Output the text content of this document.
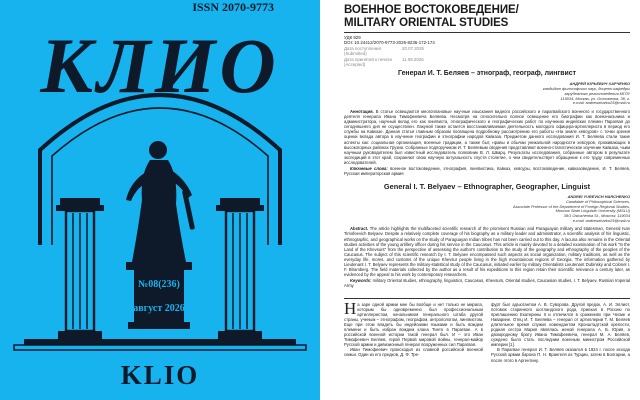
КЛИО
№08(236)
август 2026
KLIO
ISSN 2070-9773	ВОЕННОЕ ВОСТОКОВЕДЕНИЕ/
MILITARY ORIENTAL STUDIES
УДК 929
DOI: 10.24412/2070-9773-2026-8236-172-174
Дата поступления (Submitted)
20.07.2026
Дата принятия к печати (Accepted)
11.08.2026
Генерал И. Т. Беляев – этнограф, географ, лингвист
АНДРЕЙ ЮРЬЕВИЧ ХАРЧЕНКО
кандидат философских наук, доцент кафедры
зарубежного регионоведения МГЛУ
119034, Москва, ул. Остоженка, 38, г.
e-mail: andrewzharko25@mail.ru

Аннотация. В статье освещаются многоплановые научные изыскания видного российского и парагвайского военного и государственного деятеля генерала Ивана Тимофеевича Беляева. Несмотря на относительно полное освещение его биографии как военачальника и администратора, научный вклад его как лингвиста, этнографического и географических работ по изучению индейских племен Парагвая до сегодняшнего дня не осуществлен. Лакуной также остается восстанавливаемая деятельность молодого офицера-артиллериста в период его службы на Кавказе. Данная статья главным образом посвящена подробному рассмотрению его работы «На земле хевсуров» с точки зрения оценки вклада автора в изучение географии и этнографии народов Кавказа. Предметом данного исследования И. Т. Беляева стали такие аспекты как: социальная организация, военные традиции, а также быт, нравы и обычаи уникальной народности хевсуров, проживающих в высокогорных районах Грузии. Собранные подпоручиком И. Т. Беляевым сведения представляют военно-статистическое изучение Кавказа, чьим научным руководителем был известный исследователь полковник В. Л. Шварц. Результаты исследования, собранные автором в результате экспедиций в этот край, сохраняют свою научную актуальность спустя столетие, о чем свидетельствует обращение к его труду современных исследователей.

Ключевые слова: военное востоковедение, этнография, лингвистика, Кавказ, хевсуры, востоковедение, кавказоведение, И. Т. Беляев, Русская императорская армия

General I. T. Belyaev – Ethnographer, Geographer, Linguist
ANDREI YUREVICH HARCHENKO
Candidate of Philosophical Sciences,
Associate Professor of the Department of Foreign Regional Studies,
Moscow State Linguistic University (MSLU)
38/1 Ostozhenka St., Moscow, 119034
e-mail: andrewzharko25@mail.ru

Abstract. The article highlights the multifaceted scientific research of the prominent Russian and Paraguayan military and statesman, General Ivan Timofeevich Belyaev. Despite a relatively complete coverage of his biography as a military leader and administrator, a scientific analysis of his linguistic, ethnographic, and geographical works on the study of Paraguayan Indian tribes has not been carried out to this day. A lacuna also remains in the Oriental studies activities of the young artillery officer during his service in the Caucasus. This article is mainly devoted to a detailed examination of his work "In the Land of the Khevsurs" from the perspective of assessing the author's contribution to the study of the geography and ethnography of the peoples of the Caucasus. The subject of this scientific research by I. T. Belyaev encompassed such aspects as social organization, military traditions, as well as the everyday life, mores, and customs of the unique Khevsur people living in the high mountainous regions of Georgia. The information gathered by Lieutenant I. T. Belyaev represents the military-statistical study of the Caucasus, initiated earlier by military Orientalists Lieutenant Dubinsky and Colonel I. F. Blramberg. The field materials collected by the author as a result of his expeditions to this region retain their scientific relevance a century later, as evidenced by the appeal to his work by contemporary researchers.

Keywords: military Oriental studies, ethnography, linguistics, Caucasus, Khevsurs, Oriental studies, Caucasian studies, I. T. Belyaev, Russian Imperial Army

Н а заре одной армии мне бы вообще и нет только не мирала, которым бы одновременно был профессиональным артиллеристом, начальником генерального штаба другой страны, ученым – этнографом, географом, антропологом, лингвистом. Еще при этом владеть бы индейскими языками и быть вождем племени и быть избран вождем клана Тинто в Парагвае. А в российской военной истории такой генерал был. И – это Иван Тимофеевич Беляев, герой Первой мировой войны, генерал-майор Русской армии и дивизионный генерал вооруженных сил Парагвая.

Иван Тимофеевич происходил из славной российской военной семьи. Один из его предков, Д. Ф. Тре-

фурт был адъютантом А. В. Суворова. Другой предок, А. И. Эллиот, потомок старинного шотландского рода, приехал в Россию по приглашению Екатерины II и отличился в сражениях при Чесме и Наварине. Отец И. Т. Беляева – генерал от артиллерии Т. М. Беляев длительное время служил комендантом Кронштадтской крепости, родная сестра Мария являлась женой генерала А. Б. Юрия, а двоюродному брату Ивана Тимофеевича, генерал М. А. Беляев, суждено было стать последним военным министром Российской империи [1].

В Парагвае генерал И. Т. Беляев оказался в 1924 г. после исхода Русской армии барона П. Н. Врангеля из Турции, затем в Болгарии, а после этого в Аргентину.
